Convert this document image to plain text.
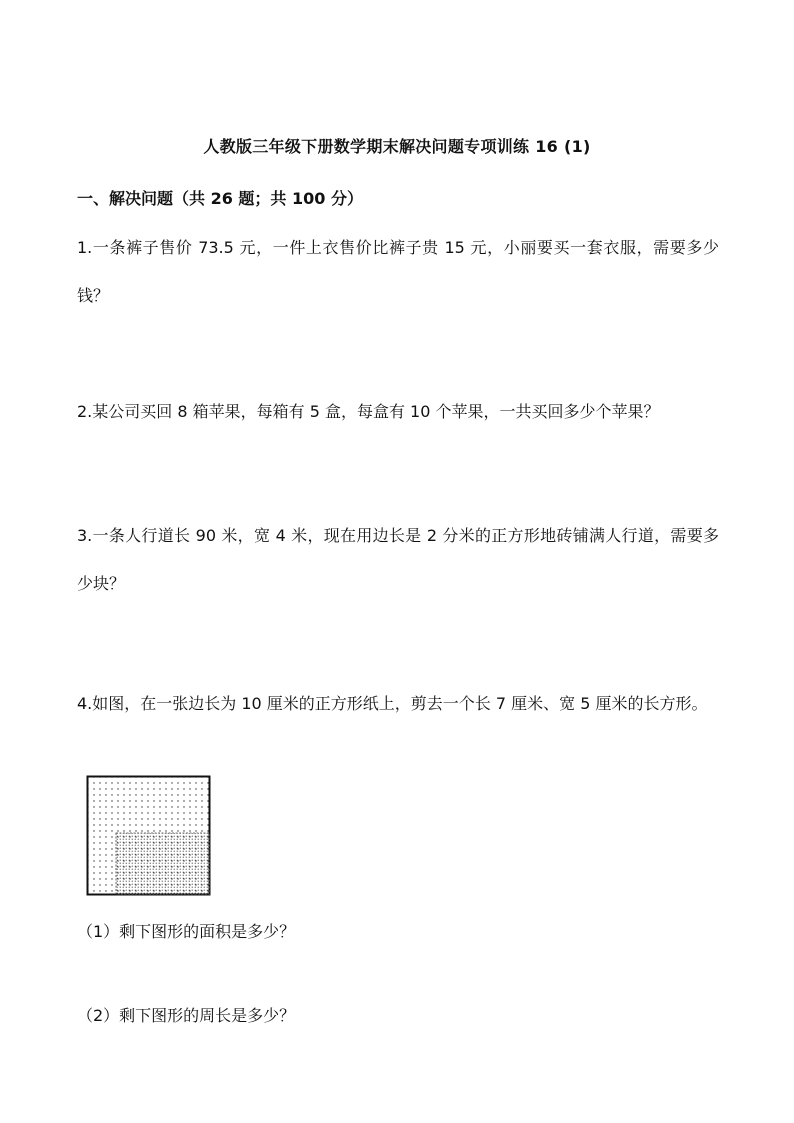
人教版三年级下册数学期末解决问题专项训练 16 (1)
一、解决问题（共 26 题；共 100 分）
1.一条裤子售价 73.5 元，一件上衣售价比裤子贵 15 元，小丽要买一套衣服，需要多少钱？
2.某公司买回 8 箱苹果，每箱有 5 盒，每盒有 10 个苹果，一共买回多少个苹果？
3.一条人行道长 90 米，宽 4 米，现在用边长是 2 分米的正方形地砖铺满人行道，需要多少块？
4.如图，在一张边长为 10 厘米的正方形纸上，剪去一个长 7 厘米、宽 5 厘米的长方形。
（1）剩下图形的面积是多少？
（2）剩下图形的周长是多少？
